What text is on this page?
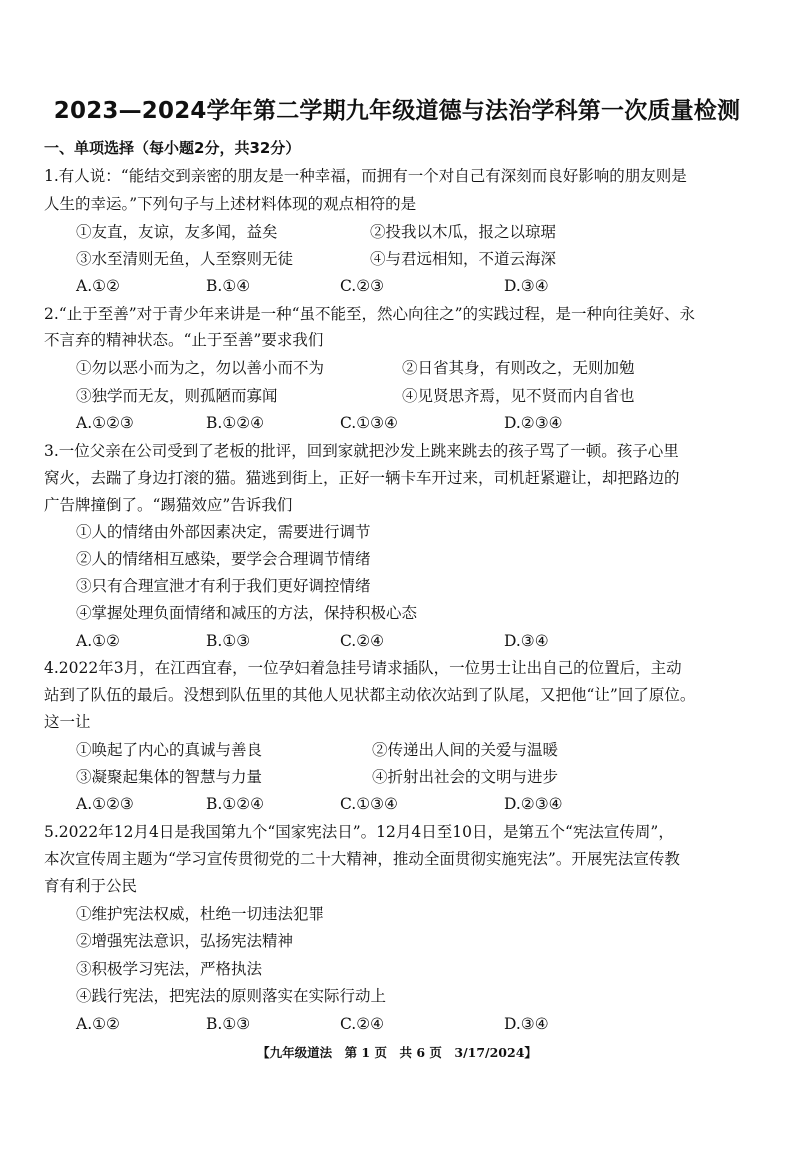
2023—2024学年第二学期九年级道德与法治学科第一次质量检测
一、单项选择（每小题2分，共32分）
1.有人说：“能结交到亲密的朋友是一种幸福，而拥有一个对自己有深刻而良好影响的朋友则是
人生的幸运。”下列句子与上述材料体现的观点相符的是
①友直，友谅，友多闻，益矣	②投我以木瓜，报之以琼琚
③水至清则无鱼，人至察则无徒	④与君远相知，不道云海深
A.①②	B.①④	C.②③	D.③④
2.“止于至善”对于青少年来讲是一种“虽不能至，然心向往之”的实践过程，是一种向往美好、永
不言弃的精神状态。“止于至善”要求我们
①勿以恶小而为之，勿以善小而不为	②日省其身，有则改之，无则加勉
③独学而无友，则孤陋而寡闻	④见贤思齐焉，见不贤而内自省也
A.①②③	B.①②④	C.①③④	D.②③④
3.一位父亲在公司受到了老板的批评，回到家就把沙发上跳来跳去的孩子骂了一顿。孩子心里
窝火，去踹了身边打滚的猫。猫逃到街上，正好一辆卡车开过来，司机赶紧避让，却把路边的
广告牌撞倒了。“踢猫效应”告诉我们
①人的情绪由外部因素决定，需要进行调节
②人的情绪相互感染，要学会合理调节情绪
③只有合理宣泄才有利于我们更好调控情绪
④掌握处理负面情绪和减压的方法，保持积极心态
A.①②	B.①③	C.②④	D.③④
4.2022年3月，在江西宜春，一位孕妇着急挂号请求插队，一位男士让出自己的位置后，主动
站到了队伍的最后。没想到队伍里的其他人见状都主动依次站到了队尾，又把他“让”回了原位。
这一让
①唤起了内心的真诚与善良	②传递出人间的关爱与温暖
③凝聚起集体的智慧与力量	④折射出社会的文明与进步
A.①②③	B.①②④	C.①③④	D.②③④
5.2022年12月4日是我国第九个“国家宪法日”。12月4日至10日，是第五个“宪法宣传周”，
本次宣传周主题为“学习宣传贯彻党的二十大精神，推动全面贯彻实施宪法”。开展宪法宣传教
育有利于公民
①维护宪法权威，杜绝一切违法犯罪
②增强宪法意识，弘扬宪法精神
③积极学习宪法，严格执法
④践行宪法，把宪法的原则落实在实际行动上
A.①②	B.①③	C.②④	D.③④
【九年级道法　第 1 页　共 6 页　3/17/2024】
